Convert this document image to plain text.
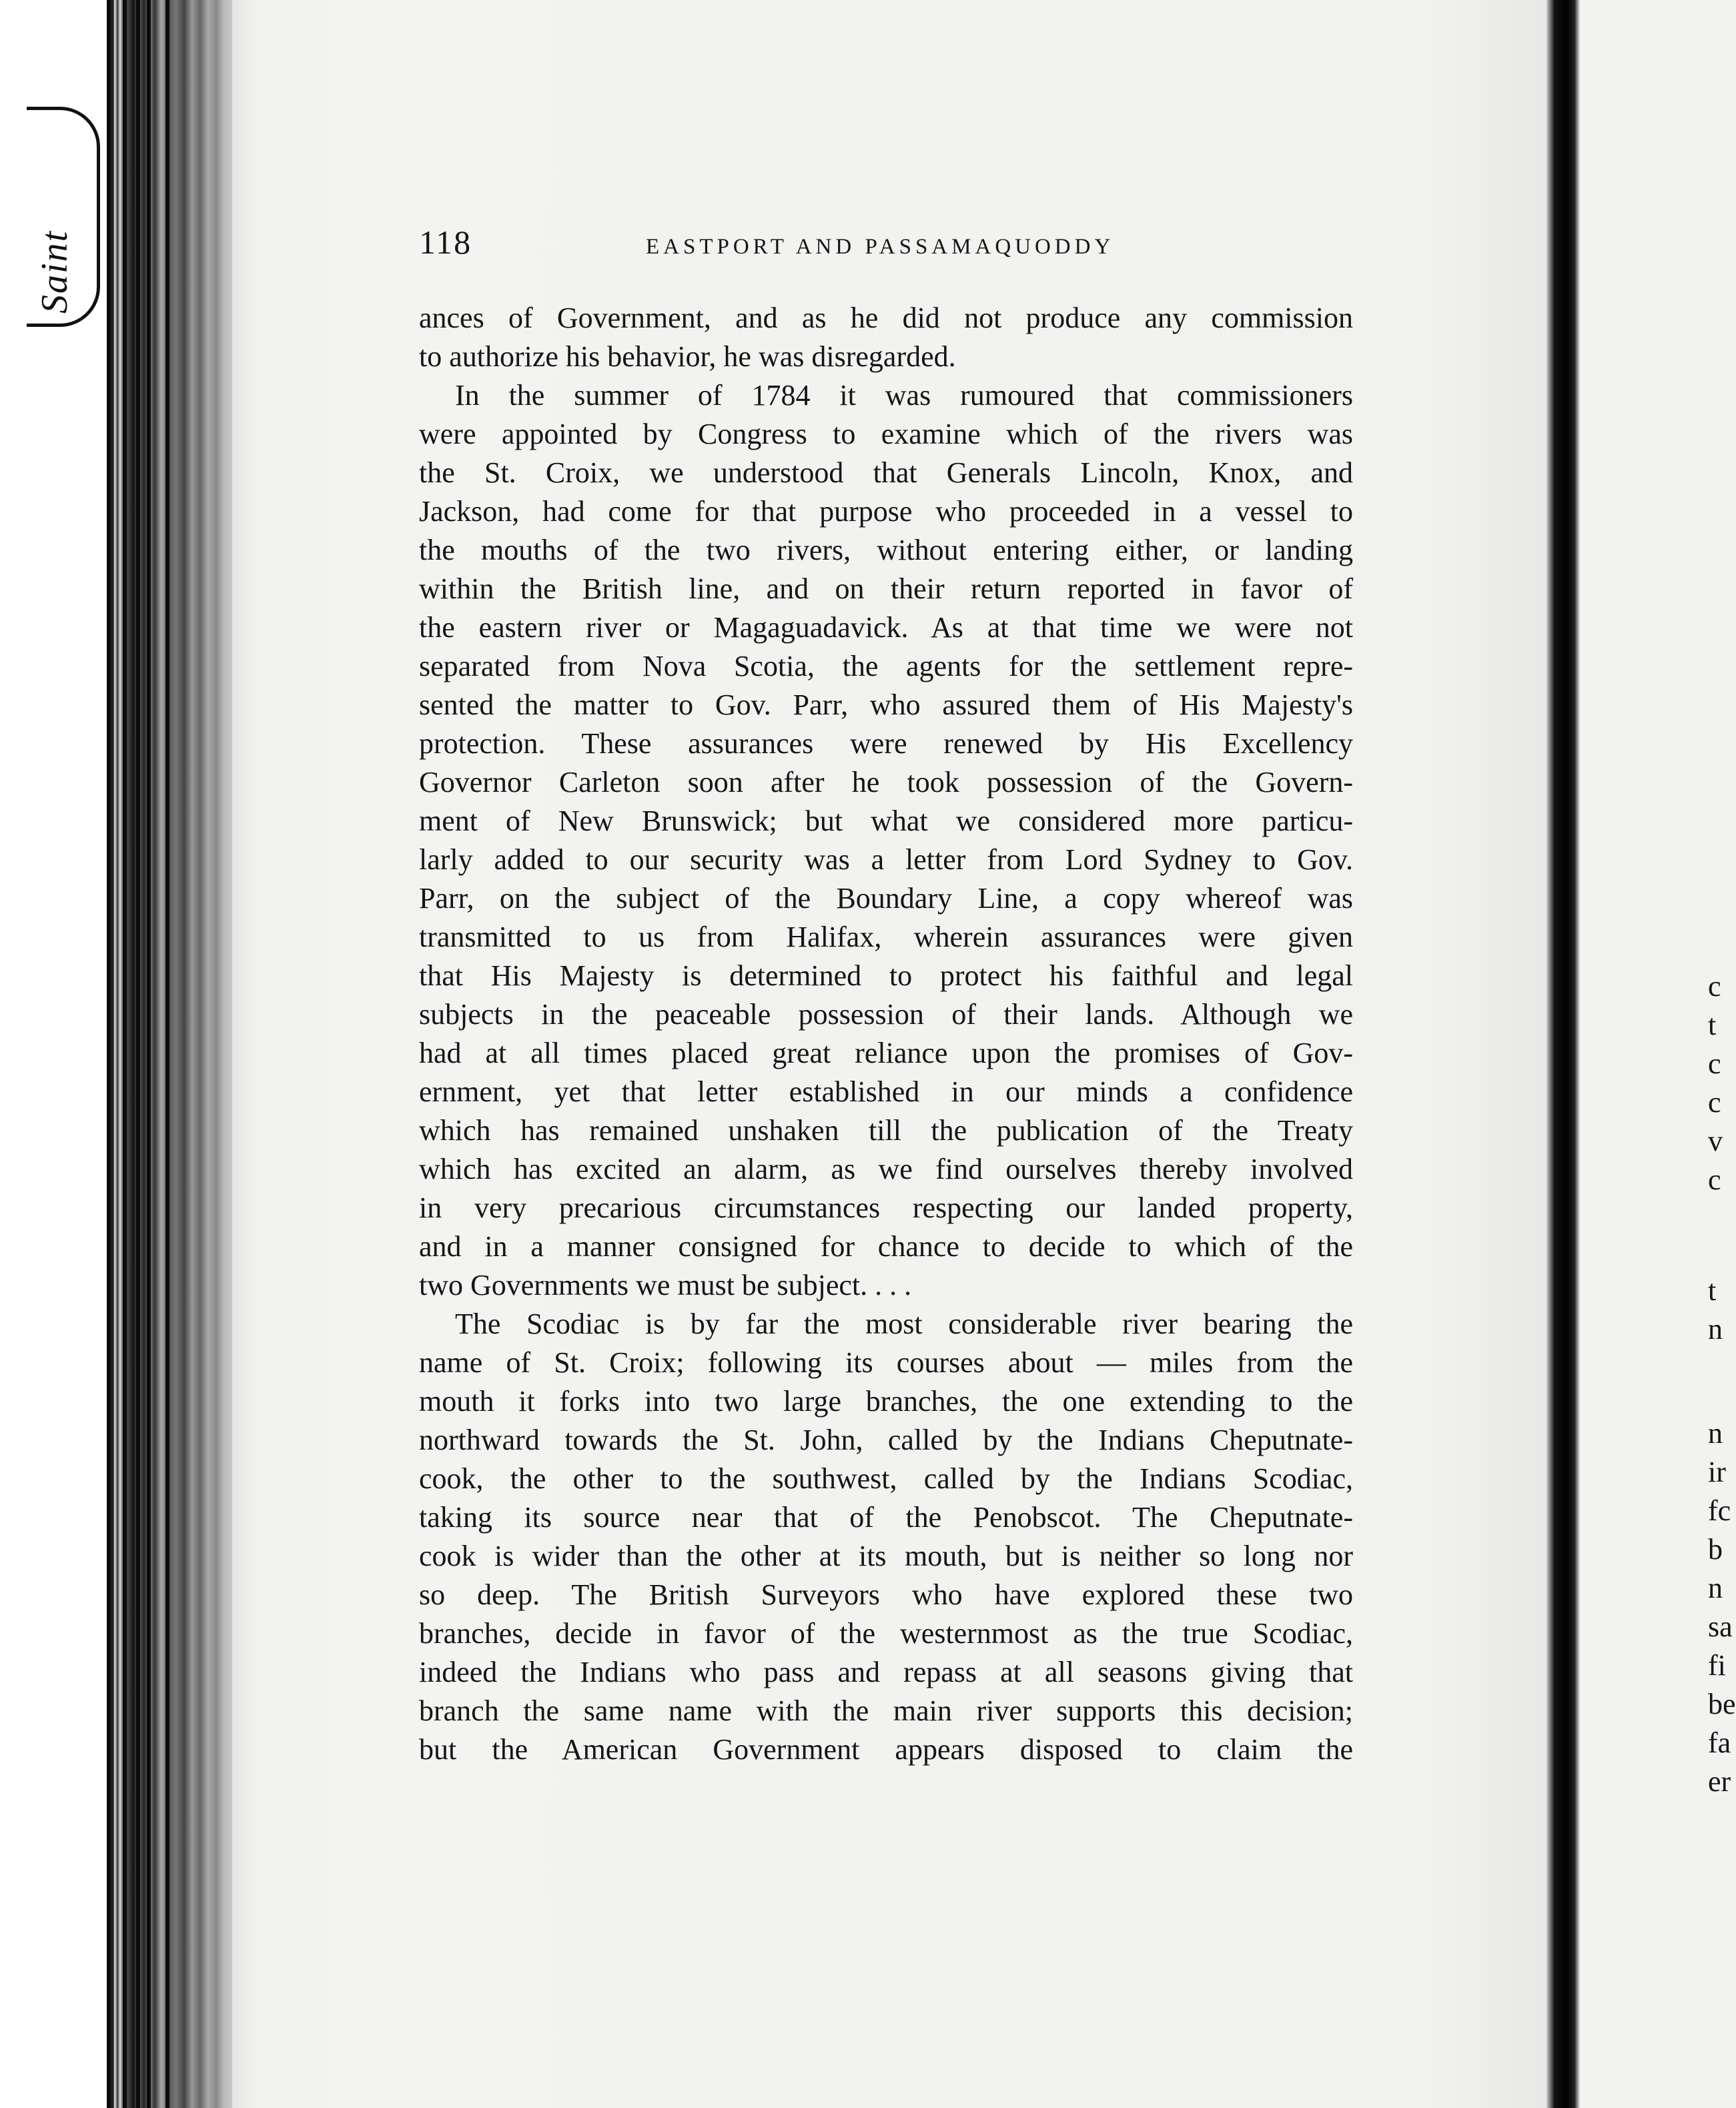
Saint	118	EASTPORT AND PASSAMAQUODDY
ances of Government, and as he did not produce any commission
to authorize his behavior, he was disregarded.
In the summer of 1784 it was rumoured that commissioners
were appointed by Congress to examine which of the rivers was
the St. Croix, we understood that Generals Lincoln, Knox, and
Jackson, had come for that purpose who proceeded in a vessel to
the mouths of the two rivers, without entering either, or landing
within the British line, and on their return reported in favor of
the eastern river or Magaguadavick. As at that time we were not
separated from Nova Scotia, the agents for the settlement repre-
sented the matter to Gov. Parr, who assured them of His Majesty's
protection. These assurances were renewed by His Excellency
Governor Carleton soon after he took possession of the Govern-
ment of New Brunswick; but what we considered more particu-
larly added to our security was a letter from Lord Sydney to Gov.
Parr, on the subject of the Boundary Line, a copy whereof was
transmitted to us from Halifax, wherein assurances were given
that His Majesty is determined to protect his faithful and legal
subjects in the peaceable possession of their lands. Although we
had at all times placed great reliance upon the promises of Gov-
ernment, yet that letter established in our minds a confidence
which has remained unshaken till the publication of the Treaty
which has excited an alarm, as we find ourselves thereby involved
in very precarious circumstances respecting our landed property,
and in a manner consigned for chance to decide to which of the
two Governments we must be subject. . . .
The Scodiac is by far the most considerable river bearing the
name of St. Croix; following its courses about — miles from the
mouth it forks into two large branches, the one extending to the
northward towards the St. John, called by the Indians Cheputnate-
cook, the other to the southwest, called by the Indians Scodiac,
taking its source near that of the Penobscot. The Cheputnate-
cook is wider than the other at its mouth, but is neither so long nor
so deep. The British Surveyors who have explored these two
branches, decide in favor of the westernmost as the true Scodiac,
indeed the Indians who pass and repass at all seasons giving that
branch the same name with the main river supports this decision;
but the American Government appears disposed to claim the
c
t
c
c
v
c
t
n
n
ir
fc
b
n
sa
fi
be
fa
er
